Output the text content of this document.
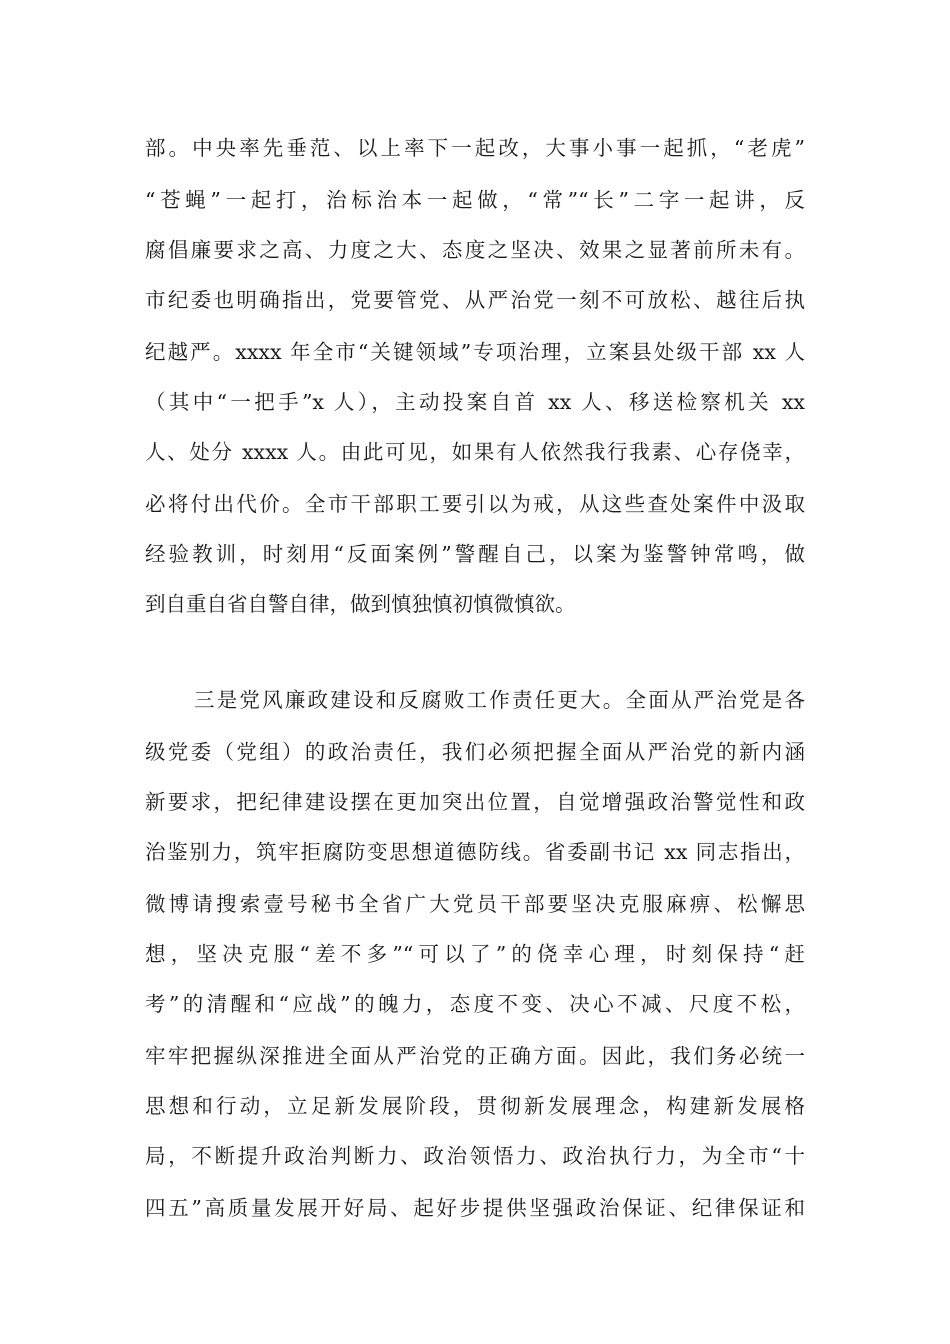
部。中央率先垂范、以上率下一起改，大事小事一起抓，“老虎”
“苍蝇”一起打，治标治本一起做，“常”“长”二字一起讲，反
腐倡廉要求之高、力度之大、态度之坚决、效果之显著前所未有。
市纪委也明确指出，党要管党、从严治党一刻不可放松、越往后执
纪越严。xxxx 年全市“关键领域”专项治理，立案县处级干部 xx 人
（其中“一把手”x 人），主动投案自首 xx 人、移送检察机关 xx
人、处分 xxxx 人。由此可见，如果有人依然我行我素、心存侥幸，
必将付出代价。全市干部职工要引以为戒，从这些查处案件中汲取
经验教训，时刻用“反面案例”警醒自己，以案为鉴警钟常鸣，做
到自重自省自警自律，做到慎独慎初慎微慎欲。
三是党风廉政建设和反腐败工作责任更大。全面从严治党是各
级党委（党组）的政治责任，我们必须把握全面从严治党的新内涵
新要求，把纪律建设摆在更加突出位置，自觉增强政治警觉性和政
治鉴别力，筑牢拒腐防变思想道德防线。省委副书记 xx 同志指出，
微博请搜索壹号秘书全省广大党员干部要坚决克服麻痹、松懈思
想，坚决克服“差不多”“可以了”的侥幸心理，时刻保持“赶
考”的清醒和“应战”的魄力，态度不变、决心不减、尺度不松，
牢牢把握纵深推进全面从严治党的正确方面。因此，我们务必统一
思想和行动，立足新发展阶段，贯彻新发展理念，构建新发展格
局，不断提升政治判断力、政治领悟力、政治执行力，为全市“十
四五”高质量发展开好局、起好步提供坚强政治保证、纪律保证和
